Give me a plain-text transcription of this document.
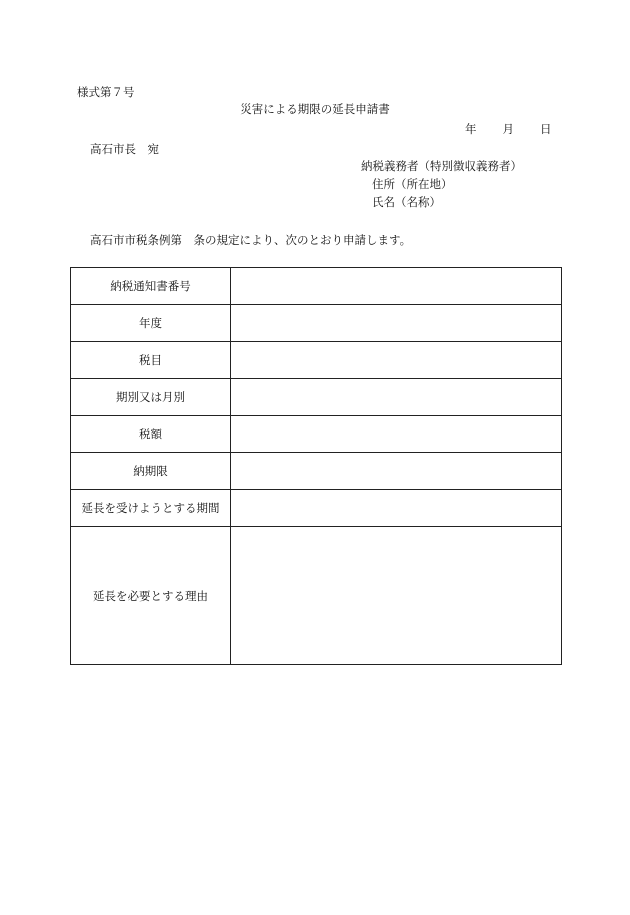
様式第７号
災害による期限の延長申請書
年 月 日
高石市長　宛
納税義務者（特別徴収義務者）
住所（所在地）
氏名（名称）
高石市市税条例第　条の規定により、次のとおり申請します。
納税通知書番号	
年度	
税目	
期別又は月別	
税額	
納期限	
延長を受けようとする期間	
延長を必要とする理由	
